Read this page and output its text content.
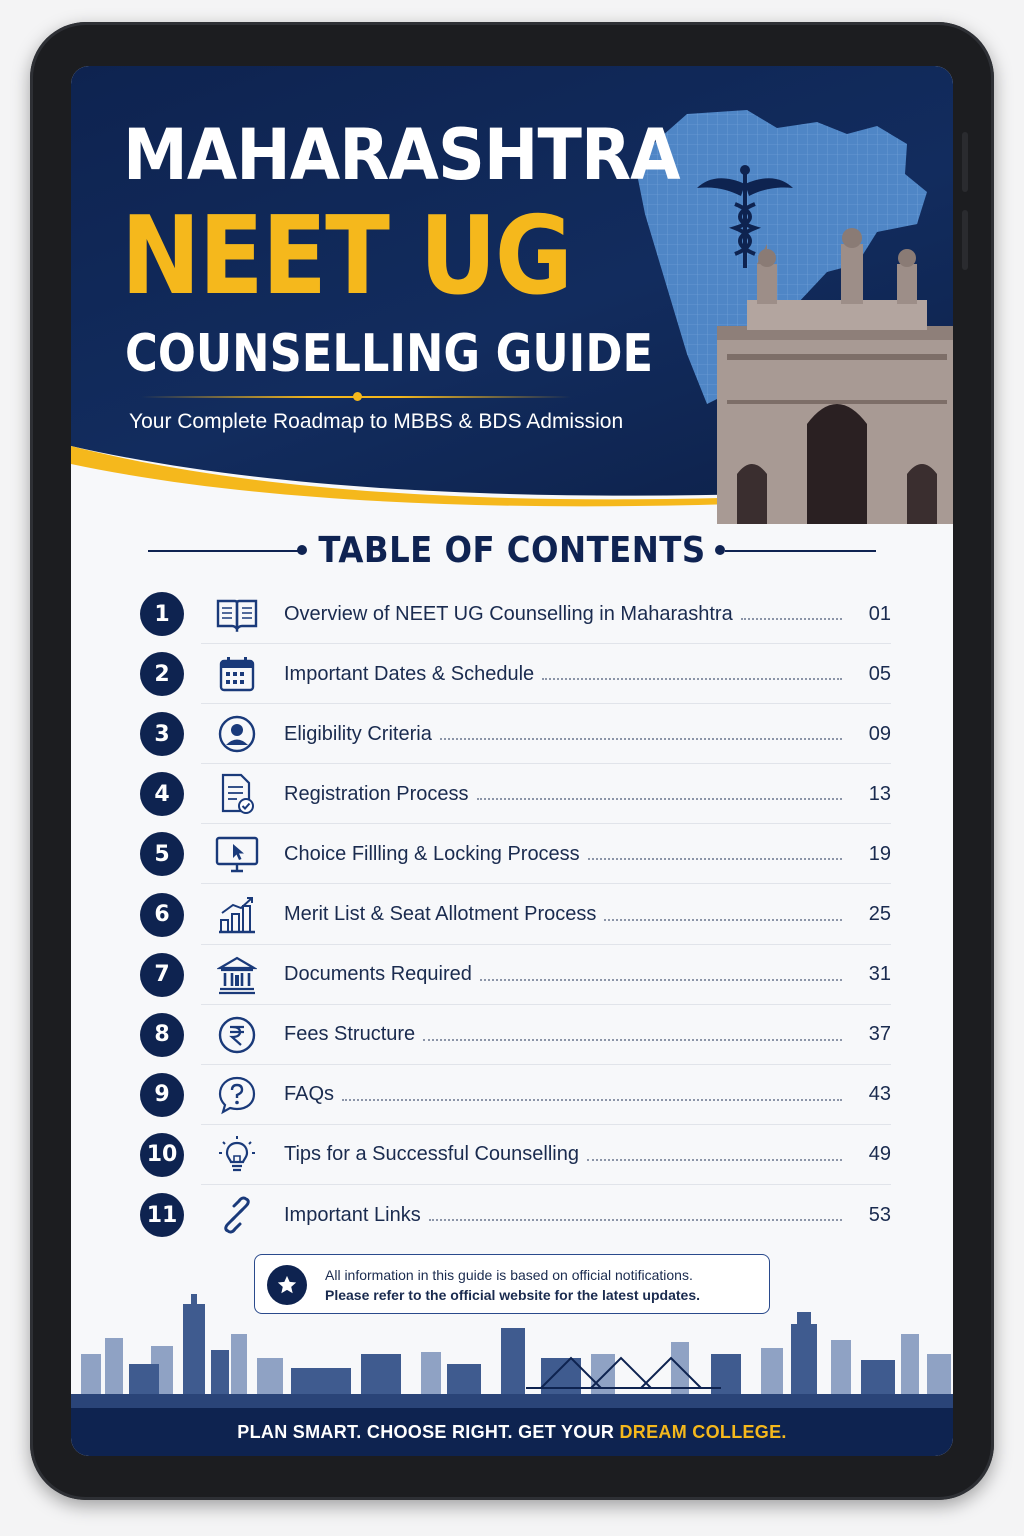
MAHARASHTRA
NEET UG
COUNSELLING GUIDE
Your Complete Roadmap to MBBS & BDS Admission
TABLE OF CONTENTS
1	Overview of NEET UG Counselling in Maharashtra	01
2	Important Dates & Schedule	05
3	Eligibility Criteria	09
4	Registration Process	13
5	Choice Fillling & Locking Process	19
6	Merit List & Seat Allotment Process	25
7	Documents Required	31
8	Fees Structure	37
9	FAQs	43
10	Tips for a Successful Counselling	49
11	Important Links	53
All information in this guide is based on official notifications.
Please refer to the official website for the latest updates.
PLAN SMART. CHOOSE RIGHT. GET YOUR DREAM COLLEGE.
